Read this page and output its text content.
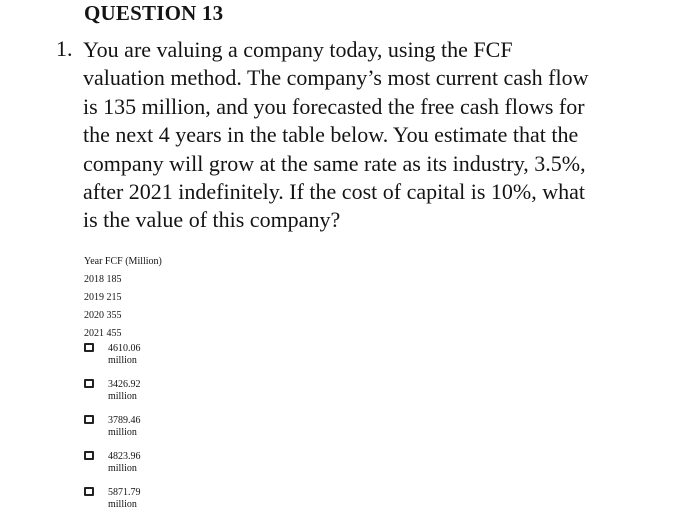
QUESTION 13
1. You are valuing a company today, using the FCF
valuation method. The company’s most current cash flow
is 135 million, and you forecasted the free cash flows for
the next 4 years in the table below. You estimate that the
company will grow at the same rate as its industry, 3.5%,
after 2021 indefinitely. If the cost of capital is 10%, what
is the value of this company?
Year FCF (Million)
2018 185
2019 215
2020 355
2021 455
4610.06
million
3426.92
million
3789.46
million
4823.96
million
5871.79
million
